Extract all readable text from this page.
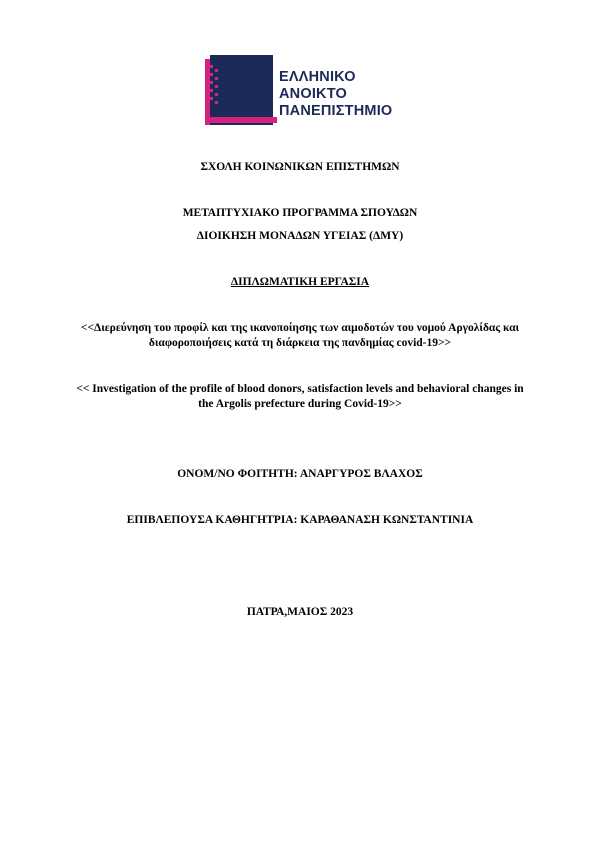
ΕΛΛΗΝΙΚΟ
ΑΝΟΙΚΤΟ
ΠΑΝΕΠΙΣΤΗΜΙΟ
ΣΧΟΛΗ ΚΟΙΝΩΝΙΚΩΝ ΕΠΙΣΤΗΜΩΝ
ΜΕΤΑΠΤΥΧΙΑΚΟ ΠΡΟΓΡΑΜΜΑ ΣΠΟΥΔΩΝ
ΔΙΟΙΚΗΣΗ ΜΟΝΑΔΩΝ ΥΓΕΙΑΣ (ΔΜΥ)
ΔΙΠΛΩΜΑΤΙΚΗ ΕΡΓΑΣΙΑ
<<Διερεύνηση του προφίλ και της ικανοποίησης των αιμοδοτών του νομού Αργολίδας και
διαφοροποιήσεις κατά τη διάρκεια της πανδημίας covid-19>>
<< Investigation of the profile of blood donors, satisfaction levels and behavioral changes in
the Argolis prefecture during Covid-19>>
ΟΝΟΜ/ΝΟ ΦΟΙΤΗΤΗ: ΑΝΑΡΓΥΡΟΣ ΒΛΑΧΟΣ
ΕΠΙΒΛΕΠΟΥΣΑ ΚΑΘΗΓΗΤΡΙΑ: ΚΑΡΑΘΑΝΑΣΗ ΚΩΝΣΤΑΝΤΙΝΙΑ
ΠΑΤΡΑ,ΜΑΙΟΣ 2023
